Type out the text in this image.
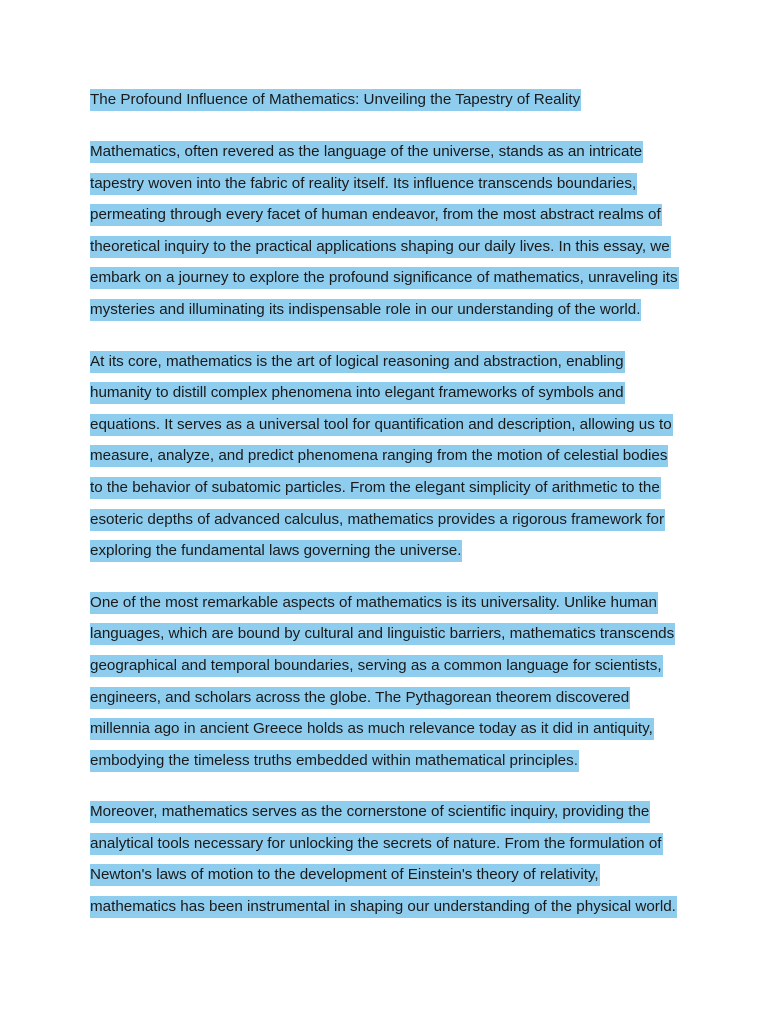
The Profound Influence of Mathematics: Unveiling the Tapestry of Reality
Mathematics, often revered as the language of the universe, stands as an intricate
tapestry woven into the fabric of reality itself. Its influence transcends boundaries,
permeating through every facet of human endeavor, from the most abstract realms of
theoretical inquiry to the practical applications shaping our daily lives. In this essay, we
embark on a journey to explore the profound significance of mathematics, unraveling its
mysteries and illuminating its indispensable role in our understanding of the world.
At its core, mathematics is the art of logical reasoning and abstraction, enabling
humanity to distill complex phenomena into elegant frameworks of symbols and
equations. It serves as a universal tool for quantification and description, allowing us to
measure, analyze, and predict phenomena ranging from the motion of celestial bodies
to the behavior of subatomic particles. From the elegant simplicity of arithmetic to the
esoteric depths of advanced calculus, mathematics provides a rigorous framework for
exploring the fundamental laws governing the universe.
One of the most remarkable aspects of mathematics is its universality. Unlike human
languages, which are bound by cultural and linguistic barriers, mathematics transcends
geographical and temporal boundaries, serving as a common language for scientists,
engineers, and scholars across the globe. The Pythagorean theorem discovered
millennia ago in ancient Greece holds as much relevance today as it did in antiquity,
embodying the timeless truths embedded within mathematical principles.
Moreover, mathematics serves as the cornerstone of scientific inquiry, providing the
analytical tools necessary for unlocking the secrets of nature. From the formulation of
Newton's laws of motion to the development of Einstein's theory of relativity,
mathematics has been instrumental in shaping our understanding of the physical world.
